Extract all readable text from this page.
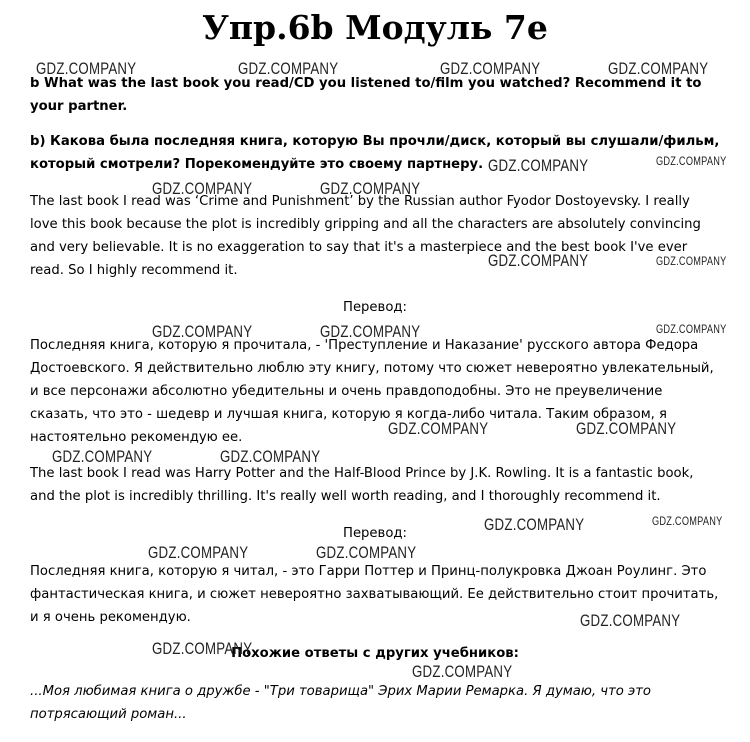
Упр.6b Модуль 7e

b What was the last book you read/CD you listened to/film you watched? Recommend it to your partner.

b) Какова была последняя книга, которую Вы прочли/диск, который вы слушали/фильм, который смотрели? Порекомендуйте это своему партнеру.

The last book I read was ‘Crime and Punishment’ by the Russian author Fyodor Dostoyevsky. I really love this book because the plot is incredibly gripping and all the characters are absolutely convincing and very believable. It is no exaggeration to say that it's a masterpiece and the best book I've ever read. So I highly recommend it.

Перевод:

Последняя книга, которую я прочитала, - 'Преступление и Наказание' русского автора Федора Достоевского. Я действительно люблю эту книгу, потому что сюжет невероятно увлекательный, и все персонажи абсолютно убедительны и очень правдоподобны. Это не преувеличение сказать, что это - шедевр и лучшая книга, которую я когда-либо читала. Таким образом, я настоятельно рекомендую ее.

The last book I read was Harry Potter and the Half-Blood Prince by J.K. Rowling. It is a fantastic book, and the plot is incredibly thrilling. It's really well worth reading, and I thoroughly recommend it.

Перевод:

Последняя книга, которую я читал, - это Гарри Поттер и Принц-полукровка Джоан Роулинг. Это фантастическая книга, и сюжет невероятно захватывающий. Ее действительно стоит прочитать, и я очень рекомендую.

Похожие ответы с других учебников:

...Моя любимая книга о дружбе - "Три товарища" Эрих Марии Ремарка. Я думаю, что это потрясающий роман...

GDZ.COMPANY	GDZ.COMPANY	GDZ.COMPANY	GDZ.COMPANY
GDZ.COMPANY	GDZ.COMPANY
GDZ.COMPANY	GDZ.COMPANY
GDZ.COMPANY	GDZ.COMPANY
GDZ.COMPANY	GDZ.COMPANY	GDZ.COMPANY
GDZ.COMPANY	GDZ.COMPANY
GDZ.COMPANY	GDZ.COMPANY
GDZ.COMPANY	GDZ.COMPANY
GDZ.COMPANY	GDZ.COMPANY
GDZ.COMPANY
GDZ.COMPANY
GDZ.COMPANY
